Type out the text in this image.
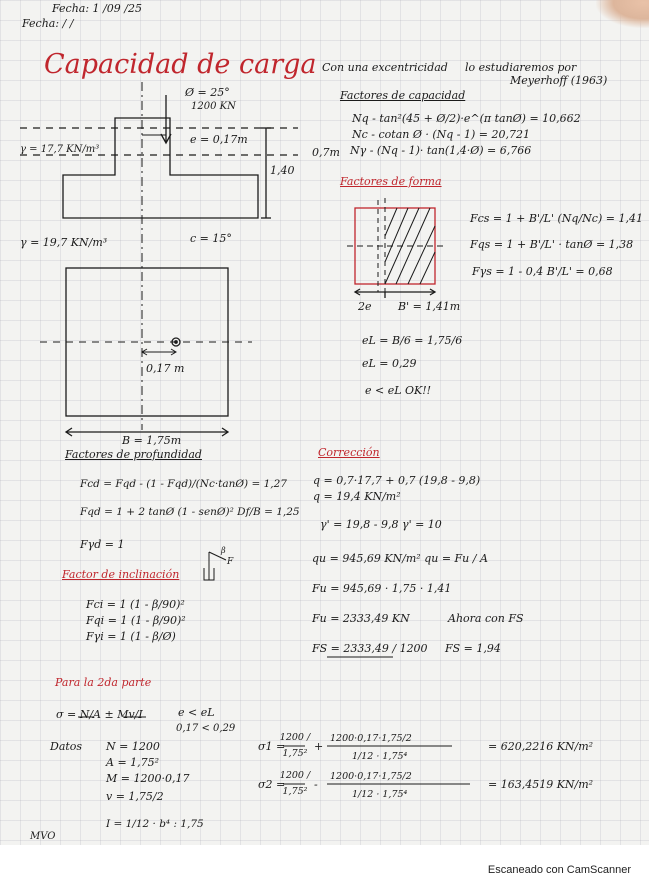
Fecha: 1 /09 /25
Fecha: / /
Capacidad de carga Con una excentricidad lo estudiaremos por
Meyerhoff (1963)
Ø = 25°
1200 KN
e = 0,17m
γ = 17,7 KN/m³	0,7m
1,40
γ = 19,7 KN/m³	c = 15°
0,17 m
B = 1,75m
Factores de capacidad
Nq - tan²(45 + Ø/2)·e^(π tanØ) = 10,662
Nc - cotan Ø · (Nq - 1) = 20,721
Nγ - (Nq - 1)· tan(1,4·Ø) = 6,766
Factores de forma
Fcs = 1 + B'/L' (Nq/Nc) = 1,41
Fqs = 1 + B'/L' · tanØ = 1,38
Fγs = 1 - 0,4 B'/L' = 0,68
2e B' = 1,41m
eL = B/6 = 1,75/6
eL = 0,29
e < eL OK!!
Factores de profundidad
Fcd = Fqd - (1 - Fqd)/(Nc·tanØ) = 1,27
Fqd = 1 + 2 tanØ (1 - senØ)² Df/B = 1,25
Fγd = 1
Factor de inclinación
β
F
Fci = 1 (1 - β/90)²
Fqi = 1 (1 - β/90)²
Fγi = 1 (1 - β/Ø)
Corrección
q = 0,7·17,7 + 0,7 (19,8 - 9,8)
q = 19,4 KN/m²
γ' = 19,8 - 9,8 γ' = 10
qu = 945,69 KN/m² qu = Fu / A
Fu = 945,69 · 1,75 · 1,41
Fu = 2333,49 KN	Ahora con FS
FS = 2333,49 / 1200 FS = 1,94
Para la 2da parte
σ = N/A ± Mv/I	e < eL
0,17 < 0,29
Datos N = 1200
A = 1,75²
M = 1200·0,17
v = 1,75/2
I = 1/12 · b⁴ : 1,75
σ1 =
1200 / 1,75²
+
1200·0,17·1,75/2
1/12 · 1,75⁴
= 620,2216 KN/m²
σ2 =
1200 / 1,75²
-
1200·0,17·1,75/2
1/12 · 1,75⁴
= 163,4519 KN/m²
MVO
Escaneado con CamScanner
